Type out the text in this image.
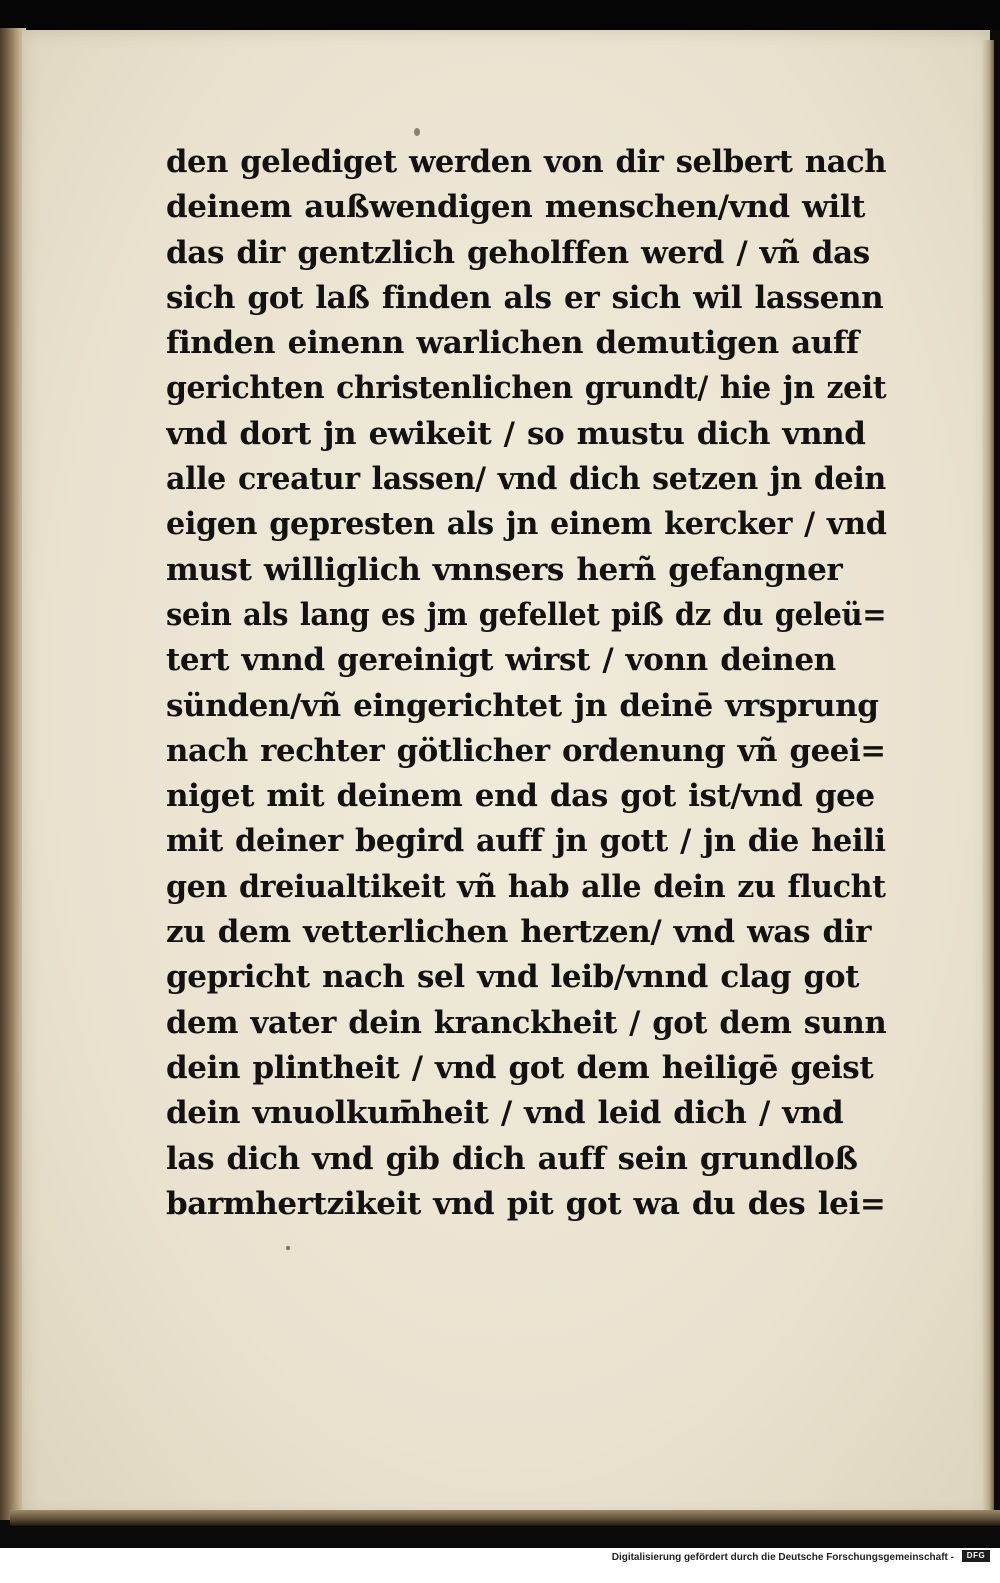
den gelediget werden von dir selbert nach
deinem außwendigen menschen/vnd wilt
das dir gentzlich geholffen werd / vñ das
sich got laß finden als er sich wil lassenn
finden einenn warlichen demutigen auff
gerichten christenlichen grundt/ hie jn zeit
vnd dort jn ewikeit / so mustu dich vnnd
alle creatur lassen/ vnd dich setzen jn dein
eigen gepresten als jn einem kercker / vnd
must williglich vnnsers herñ gefangner
sein als lang es jm gefellet piß dz du geleü=
tert vnnd gereinigt wirst / vonn deinen
sünden/vñ eingerichtet jn deinē vrsprung
nach rechter götlicher ordenung vñ geei=
niget mit deinem end das got ist/vnd gee
mit deiner begird auff jn gott / jn die heili
gen dreiualtikeit vñ hab alle dein zu flucht
zu dem vetterlichen hertzen/ vnd was dir
gepricht nach sel vnd leib/vnnd clag got
dem vater dein kranckheit / got dem sunn
dein plintheit / vnd got dem heiligē geist
dein vnuolkum̄heit / vnd leid dich / vnd
las dich vnd gib dich auff sein grundloß
barmhertzikeit vnd pit got wa du des lei=
Digitalisierung gefördert durch die Deutsche Forschungsgemeinschaft -	DFG
